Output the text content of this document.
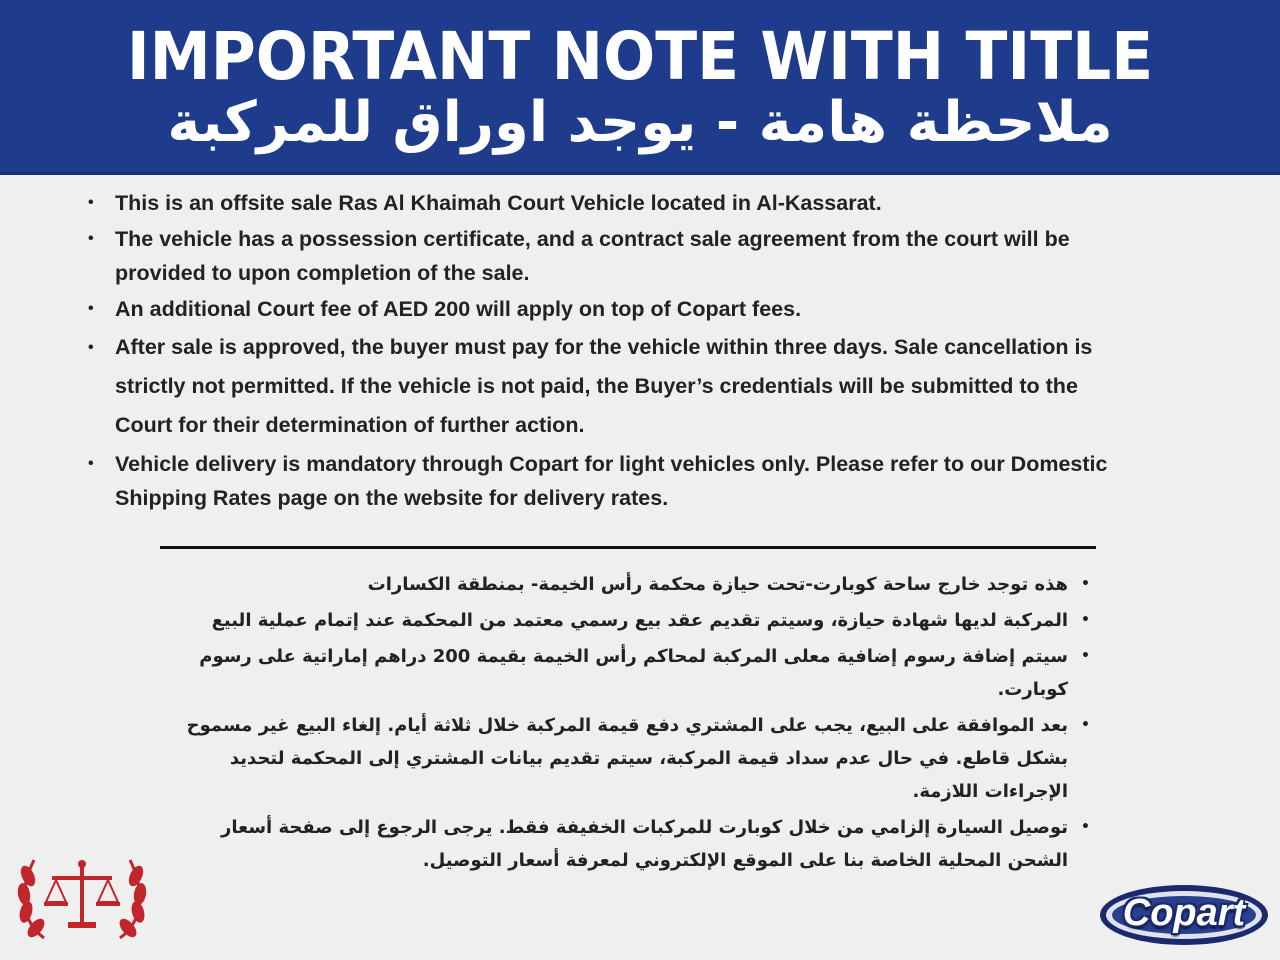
IMPORTANT NOTE WITH TITLE
ملاحظة هامة - يوجد اوراق للمركبة
• This is an offsite sale Ras Al Khaimah Court Vehicle located in Al-Kassarat.
• The vehicle has a possession certificate, and a contract sale agreement from the court will be provided to upon completion of the sale.
• An additional Court fee of AED 200 will apply on top of Copart fees.
• After sale is approved, the buyer must pay for the vehicle within three days. Sale cancellation is strictly not permitted. If the vehicle is not paid, the Buyer’s credentials will be submitted to the Court for their determination of further action.
• Vehicle delivery is mandatory through Copart for light vehicles only. Please refer to our Domestic Shipping Rates page on the website for delivery rates.
•
هذه توجد خارج ساحة كوبارت-تحت حيازة محكمة رأس الخيمة- بمنطقة الكسارات
•
المركبة لديها شهادة حيازة، وسيتم تقديم عقد بيع رسمي معتمد من المحكمة عند إتمام عملية البيع
•
سيتم إضافة رسوم إضافية معلى المركبة لمحاكم رأس الخيمة بقيمة 200 دراهم إماراتية على رسوم كوبارت.
•
بعد الموافقة على البيع، يجب على المشتري دفع قيمة المركبة خلال ثلاثة أيام. إلغاء البيع غير مسموح بشكل قاطع. في حال عدم سداد قيمة المركبة، سيتم تقديم بيانات المشتري إلى المحكمة لتحديد الإجراءات اللازمة.
•
توصيل السيارة إلزامي من خلال كوبارت للمركبات الخفيفة فقط. يرجى الرجوع إلى صفحة أسعار الشحن المحلية الخاصة بنا على الموقع الإلكتروني لمعرفة أسعار التوصيل.
Copart
